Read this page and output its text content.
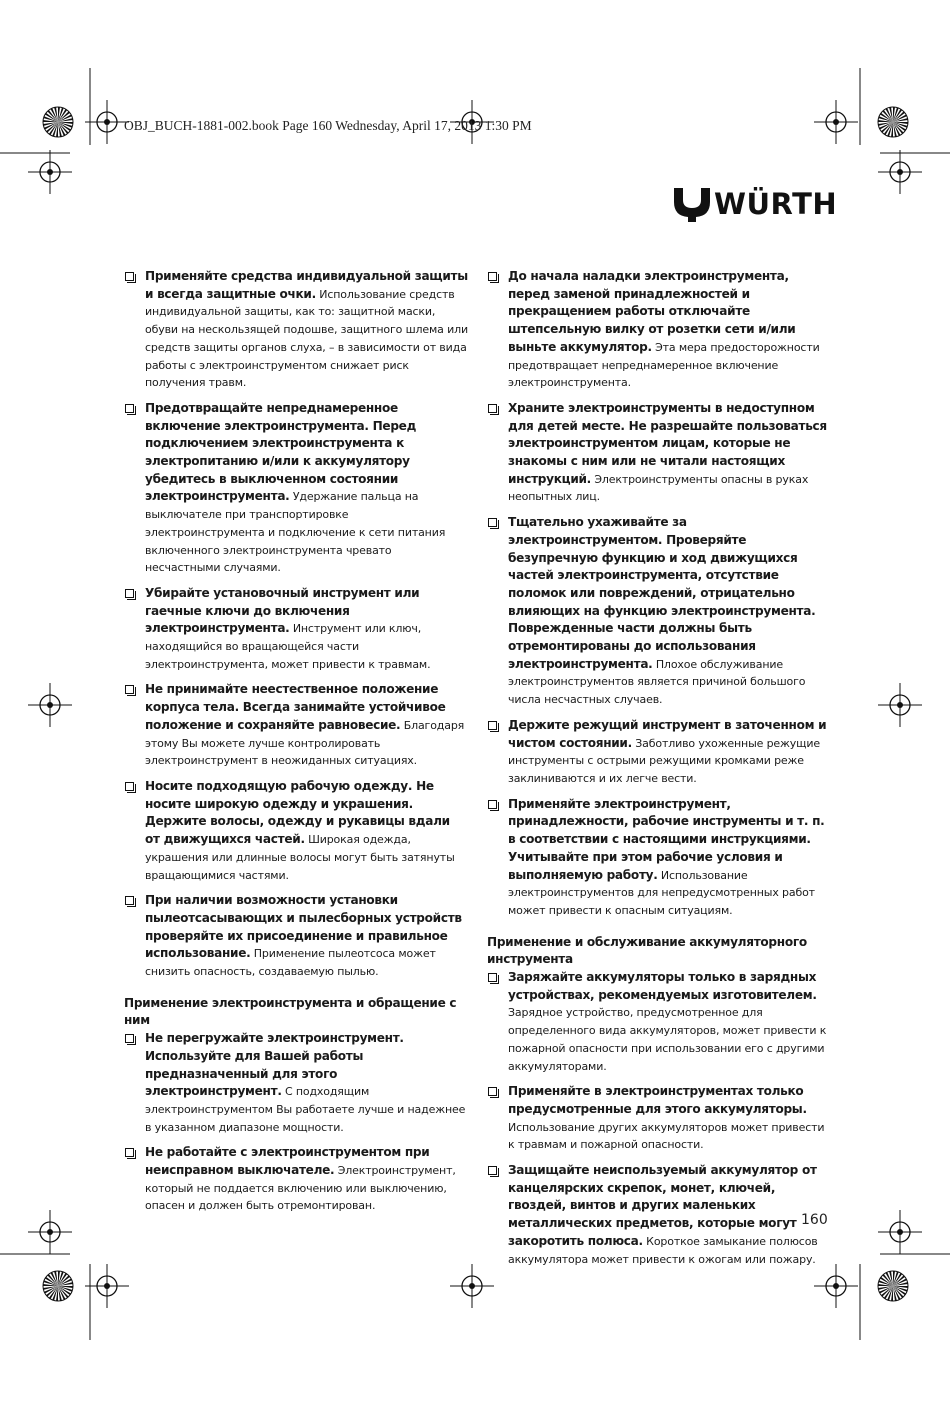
OBJ_BUCH-1881-002.book Page 160 Wednesday, April 17, 2013 1:30 PM
WÜRTH
Применяйте средства индивидуальной защиты и всегда защитные очки. Использование средств индивидуальной защиты, как то: защитной маски, обуви на нескользящей подошве, защитного шлема или средств защиты органов слуха, – в зависимости от вида работы с электроинструментом снижает риск получения травм.
Предотвращайте непреднамеренное включение электроинструмента. Перед подключением электроинструмента к электропитанию и/или к аккумулятору убедитесь в выключенном состоянии электроинструмента. Удержание пальца на выключателе при транспортировке электроинструмента и подключение к сети питания включенного электроинструмента чревато несчастными случаями.
Убирайте установочный инструмент или гаечные ключи до включения электроинструмента. Инструмент или ключ, находящийся во вращающейся части электроинструмента, может привести к травмам.
Не принимайте неестественное положение корпуса тела. Всегда занимайте устойчивое положение и сохраняйте равновесие. Благодаря этому Вы можете лучше контролировать электроинструмент в неожиданных ситуациях.
Носите подходящую рабочую одежду. Не носите широкую одежду и украшения. Держите волосы, одежду и рукавицы вдали от движущихся частей. Широкая одежда, украшения или длинные волосы могут быть затянуты вращающимися частями.
При наличии возможности установки пылеотсасывающих и пылесборных устройств проверяйте их присоединение и правильное использование. Применение пылеотсоса может снизить опасность, создаваемую пылью.
Применение электроинструмента и обращение с ним
Не перегружайте электроинструмент. Используйте для Вашей работы предназначенный для этого электроинструмент. С подходящим электроинструментом Вы работаете лучше и надежнее в указанном диапазоне мощности.
Не работайте с электроинструментом при неисправном выключателе. Электроинструмент, который не поддается включению или выключению, опасен и должен быть отремонтирован.
До начала наладки электроинструмента, перед заменой принадлежностей и прекращением работы отключайте штепсельную вилку от розетки сети и/или выньте аккумулятор. Эта мера предосторожности предотвращает непреднамеренное включение электроинструмента.
Храните электроинструменты в недоступном для детей месте. Не разрешайте пользоваться электроинструментом лицам, которые не знакомы с ним или не читали настоящих инструкций. Электроинструменты опасны в руках неопытных лиц.
Тщательно ухаживайте за электроинструментом. Проверяйте безупречную функцию и ход движущихся частей электроинструмента, отсутствие поломок или повреждений, отрицательно влияющих на функцию электроинструмента. Поврежденные части должны быть отремонтированы до использования электроинструмента. Плохое обслуживание электроинструментов является причиной большого числа несчастных случаев.
Держите режущий инструмент в заточенном и чистом состоянии. Заботливо ухоженные режущие инструменты с острыми режущими кромками реже заклиниваются и их легче вести.
Применяйте электроинструмент, принадлежности, рабочие инструменты и т. п. в соответствии с настоящими инструкциями. Учитывайте при этом рабочие условия и выполняемую работу. Использование электроинструментов для непредусмотренных работ может привести к опасным ситуациям.
Применение и обслуживание аккумуляторного инструмента
Заряжайте аккумуляторы только в зарядных устройствах, рекомендуемых изготовителем. Зарядное устройство, предусмотренное для определенного вида аккумуляторов, может привести к пожарной опасности при использовании его с другими аккумуляторами.
Применяйте в электроинструментах только предусмотренные для этого аккумуляторы. Использование других аккумуляторов может привести к травмам и пожарной опасности.
Защищайте неиспользуемый аккумулятор от канцелярских скрепок, монет, ключей, гвоздей, винтов и других маленьких металлических предметов, которые могут закоротить полюса. Короткое замыкание полюсов аккумулятора может привести к ожогам или пожару.
160
